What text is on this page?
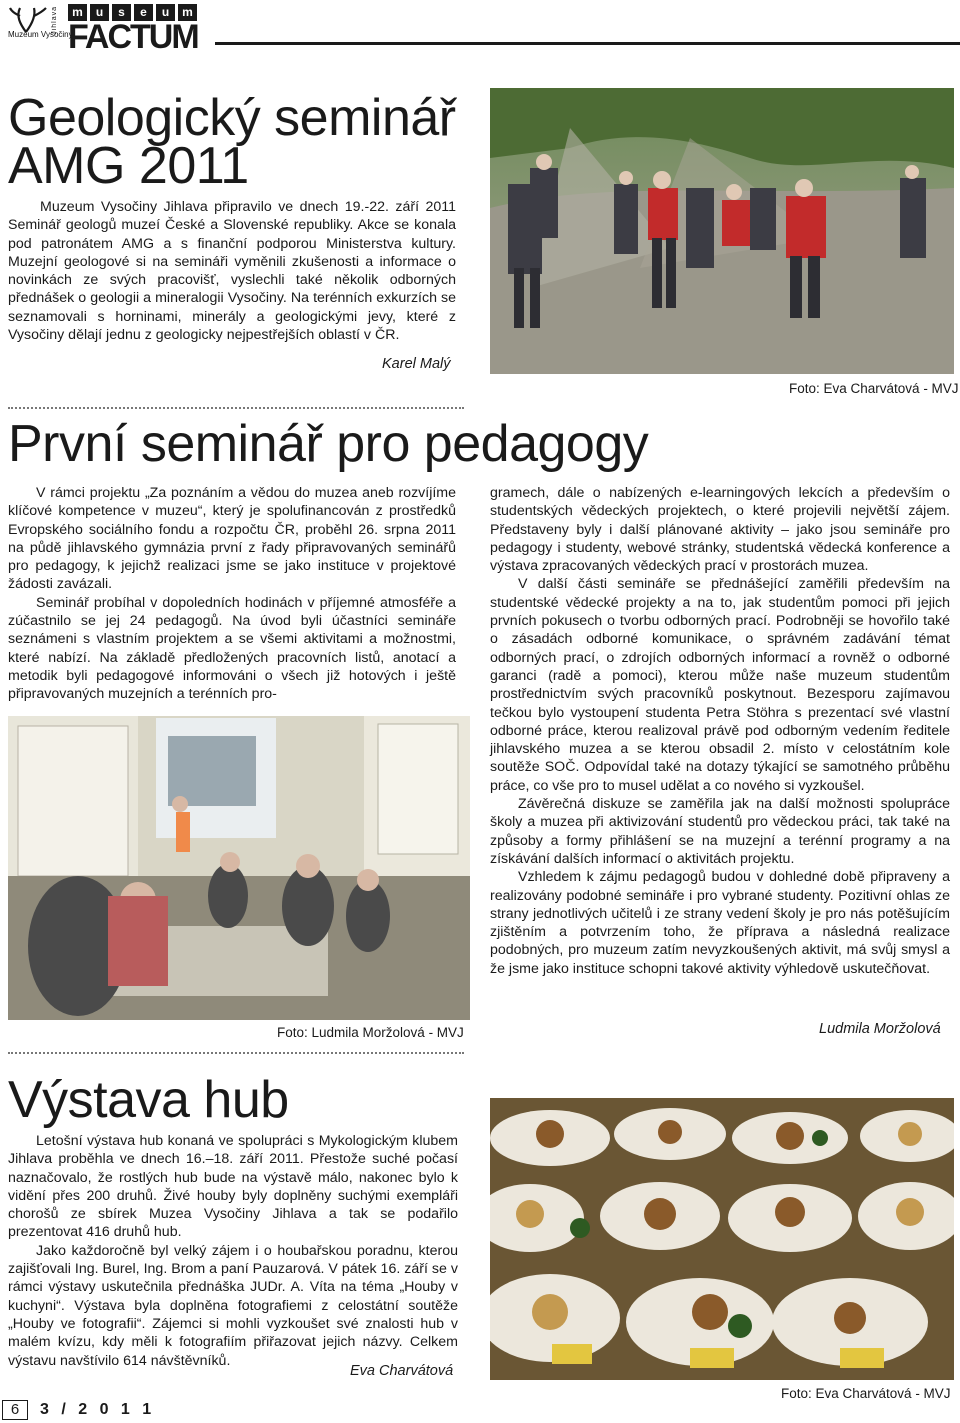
Muzeum Vysočiny
Jihlava	m	u	s	e	u	m
FACTUM
Geologický seminář
AMG 2011

Muzeum Vysočiny Jihlava připravilo ve dnech 19.-22. září 2011 Seminář geologů muzeí České a Slovenské republiky. Akce se konala pod patronátem AMG a s finanční podporou Ministerstva kultury. Muzejní geologové si na semináři vyměnili zkušenosti a informace o novinkách ze svých pracovišť, vyslechli také několik odborných přednášek o geologii a mineralogii Vysočiny. Na terénních exkurzích se seznamovali s horninami, minerály a geologickými jevy, které z Vysočiny dělají jednu z geologicky nejpestřejších oblastí v ČR.

Karel Malý
Foto: Eva Charvátová - MVJ
První seminář pro pedagogy

V rámci projektu „Za poznáním a vědou do muzea aneb rozvíjíme klíčové kompetence v muzeu“, který je spolufinancován z prostředků Evropského sociálního fondu a rozpočtu ČR, proběhl 26. srpna 2011 na půdě jihlavského gymnázia první z řady připravovaných seminářů pro pedagogy, k jejichž realizaci jsme se jako instituce v projektové žádosti zavázali.

Seminář probíhal v dopoledních hodinách v příjemné atmosféře a zúčastnilo se jej 24 pedagogů. Na úvod byli účastníci semináře seznámeni s vlastním projektem a se všemi aktivitami a možnostmi, které nabízí. Na základě předložených pracovních listů, anotací a metodik byli pedagogové informováni o všech již hotových i ještě připravovaných muzejních a terénních pro-

gramech, dále o nabízených e-learningových lekcích a především o studentských vědeckých projektech, o které projevili největší zájem. Představeny byly i další plánované aktivity – jako jsou semináře pro pedagogy i studenty, webové stránky, studentská vědecká konference a výstava zpracovaných vědeckých prací v prostorách muzea.

V další části semináře se přednášející zaměřili především na studentské vědecké projekty a na to, jak studentům pomoci při jejich prvních pokusech o tvorbu odborných prací. Podrobněji se hovořilo také o zásadách odborné komunikace, o správném zadávání témat odborných prací, o zdrojích odborných informací a rovněž o odborné garanci (radě a pomoci), kterou může naše muzeum studentům prostřednictvím svých pracovníků poskytnout. Bezesporu zajímavou tečkou bylo vystoupení studenta Petra Stöhra s prezentací své vlastní odborné práce, kterou realizoval právě pod odborným vedením ředitele jihlavského muzea a se kterou obsadil 2. místo v celostátním kole soutěže SOČ. Odpovídal také na dotazy týkající se samotného průběhu práce, co vše pro to musel udělat a co nového si vyzkoušel.

Závěrečná diskuze se zaměřila jak na další možnosti spolupráce školy a muzea při aktivizování studentů pro vědeckou práci, tak také na způsoby a formy přihlášení se na muzejní a terénní programy a na získávání dalších informací o aktivitách projektu.

Vzhledem k zájmu pedagogů budou v dohledné době připraveny a realizovány podobné semináře i pro vybrané studenty. Pozitivní ohlas ze strany jednotlivých učitelů i ze strany vedení školy je pro nás potěšujícím zjištěním a potvrzením toho, že příprava a následná realizace podobných, pro muzeum zatím nevyzkoušených aktivit, má svůj smysl a že jsme jako instituce schopni takové aktivity výhledově uskutečňovat.

Ludmila Moržolová
Foto: Ludmila Moržolová - MVJ
Výstava hub

Letošní výstava hub konaná ve spolupráci s Mykologickým klubem Jihlava proběhla ve dnech 16.–18. září 2011. Přestože suché počasí naznačovalo, že rostlých hub bude na výstavě málo, nakonec bylo k vidění přes 200 druhů. Živé houby byly doplněny suchými exempláři chorošů ze sbírek Muzea Vysočiny Jihlava a tak se podařilo prezentovat 416 druhů hub.

Jako každoročně byl velký zájem i o houbařskou poradnu, kterou zajišťovali Ing. Burel, Ing. Brom a paní Pauzarová. V pátek 16. září se v rámci výstavy uskutečnila přednáška JUDr. A. Víta na téma „Houby v kuchyni“. Výstava byla doplněna fotografiemi z celostátní soutěže „Houby ve fotografii“. Zájemci si mohli vyzkoušet své znalosti hub v malém kvízu, kdy měli k fotografiím přiřazovat jejich názvy. Celkem výstavu navštívilo 614 návštěvníků.

Eva Charvátová
Foto: Eva Charvátová - MVJ
6	3 / 2 0 1 1
